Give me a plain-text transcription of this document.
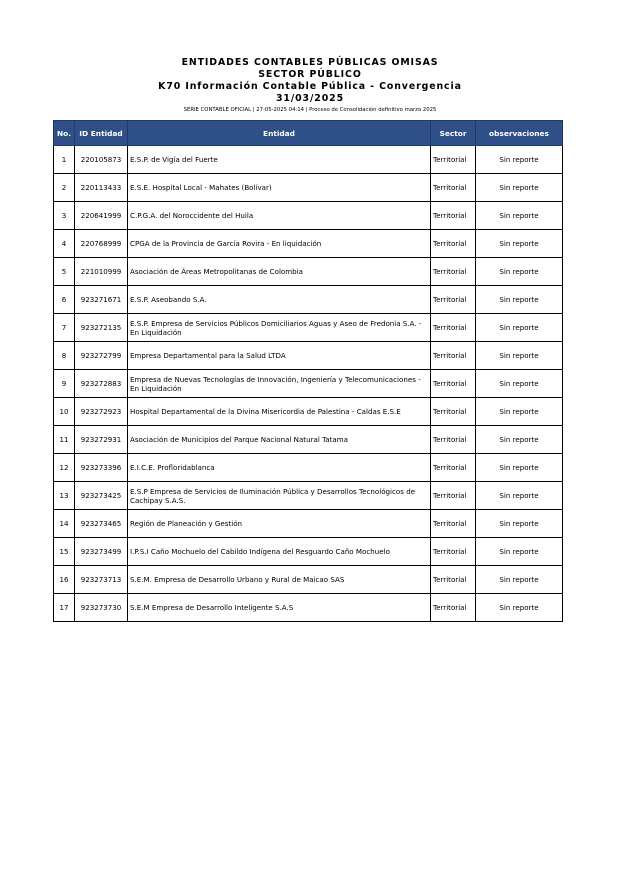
ENTIDADES CONTABLES PÚBLICAS OMISAS
SECTOR PÚBLICO
K70 Información Contable Pública - Convergencia
31/03/2025
SERIE CONTABLE OFICIAL | 27-05-2025 04:14 | Proceso de Consolidación definitivo marzo 2025
No.	ID Entidad	Entidad	Sector	observaciones
1	220105873	E.S.P. de Vigía del Fuerte	Territorial	Sin reporte
2	220113433	E.S.E. Hospital Local - Mahates (Bolívar)	Territorial	Sin reporte
3	220641999	C.P.G.A. del Noroccidente del Huila	Territorial	Sin reporte
4	220768999	CPGA de la Provincia de García Rovira - En liquidación	Territorial	Sin reporte
5	221010999	Asociación de Áreas Metropolitanas de Colombia	Territorial	Sin reporte
6	923271671	E.S.P. Aseobando S.A.	Territorial	Sin reporte
7	923272135	E.S.P. Empresa de Servicios Públicos Domiciliarios Aguas y Aseo de Fredonia S.A. - En Liquidación	Territorial	Sin reporte
8	923272799	Empresa Departamental para la Salud LTDA	Territorial	Sin reporte
9	923272883	Empresa de Nuevas Tecnologías de Innovación, Ingeniería y Telecomunicaciones - En Liquidación	Territorial	Sin reporte
10	923272923	Hospital Departamental de la Divina Misericordia de Palestina - Caldas E.S.E	Territorial	Sin reporte
11	923272931	Asociación de Municipios del Parque Nacional Natural Tatama	Territorial	Sin reporte
12	923273396	E.I.C.E. Profloridablanca	Territorial	Sin reporte
13	923273425	E.S.P Empresa de Servicios de Iluminación Pública y Desarrollos Tecnológicos de Cachipay S.A.S.	Territorial	Sin reporte
14	923273465	Región de Planeación y Gestión	Territorial	Sin reporte
15	923273499	I.P.S.I Caño Mochuelo del Cabildo Indígena del Resguardo Caño Mochuelo	Territorial	Sin reporte
16	923273713	S.E.M. Empresa de Desarrollo Urbano y Rural de Maicao SAS	Territorial	Sin reporte
17	923273730	S.E.M Empresa de Desarrollo Inteligente S.A.S	Territorial	Sin reporte
